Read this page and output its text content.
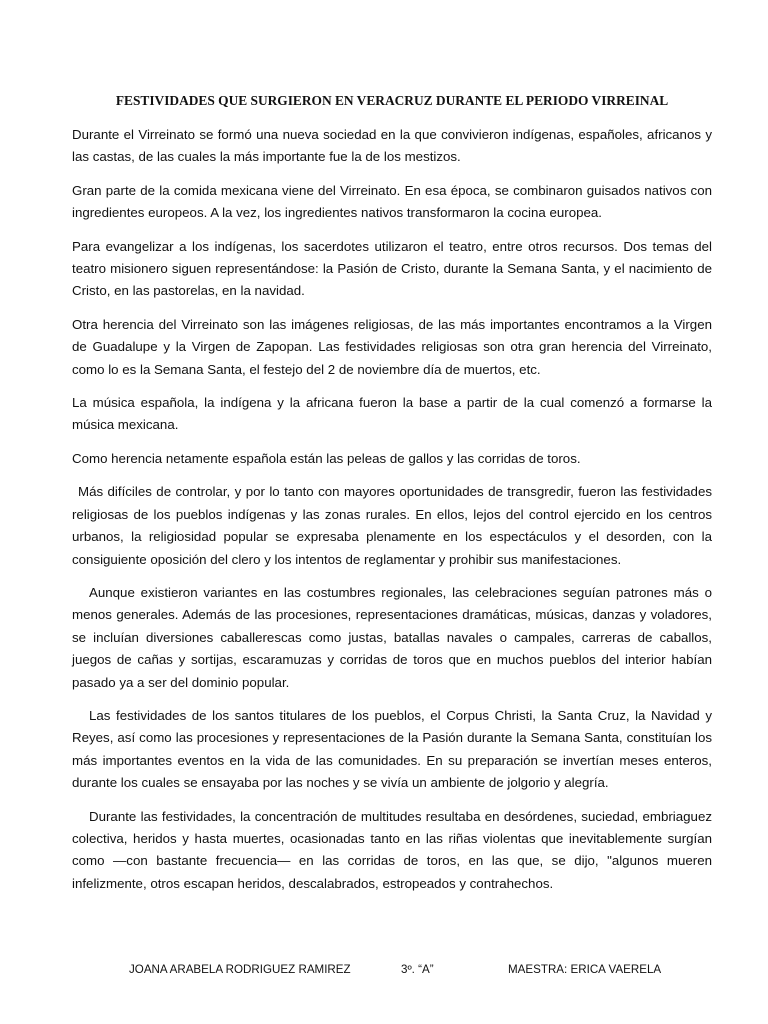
FESTIVIDADES QUE SURGIERON EN VERACRUZ DURANTE EL PERIODO VIRREINAL

Durante el Virreinato se formó una nueva sociedad en la que convivieron indígenas, españoles, africanos y las castas, de las cuales la más importante fue la de los mestizos.

Gran parte de la comida mexicana viene del Virreinato. En esa época, se combinaron guisados nativos con ingredientes europeos. A la vez, los ingredientes nativos transformaron la cocina europea.

Para evangelizar a los indígenas, los sacerdotes utilizaron el teatro, entre otros recursos. Dos temas del teatro misionero siguen representándose: la Pasión de Cristo, durante la Semana Santa, y el nacimiento de Cristo, en las pastorelas, en la navidad.

Otra herencia del Virreinato son las imágenes religiosas, de las más importantes encontramos a la Virgen de Guadalupe y la Virgen de Zapopan. Las festividades religiosas son otra gran herencia del Virreinato, como lo es la Semana Santa, el festejo del 2 de noviembre día de muertos, etc.

La música española, la indígena y la africana fueron la base a partir de la cual comenzó a formarse la música mexicana.

Como herencia netamente española están las peleas de gallos y las corridas de toros.

Más difíciles de controlar, y por lo tanto con mayores oportunidades de transgredir, fueron las festividades religiosas de los pueblos indígenas y las zonas rurales. En ellos, lejos del control ejercido en los centros urbanos, la religiosidad popular se expresaba plenamente en los espectáculos y el desorden, con la consiguiente oposición del clero y los intentos de reglamentar y prohibir sus manifestaciones.

Aunque existieron variantes en las costumbres regionales, las celebraciones seguían patrones más o menos generales. Además de las procesiones, representaciones dramáticas, músicas, danzas y voladores, se incluían diversiones caballerescas como justas, batallas navales o campales, carreras de caballos, juegos de cañas y sortijas, escaramuzas y corridas de toros que en muchos pueblos del interior habían pasado ya a ser del dominio popular.

Las festividades de los santos titulares de los pueblos, el Corpus Christi, la Santa Cruz, la Navidad y Reyes, así como las procesiones y representaciones de la Pasión durante la Semana Santa, constituían los más importantes eventos en la vida de las comunidades. En su preparación se invertían meses enteros, durante los cuales se ensayaba por las noches y se vivía un ambiente de jolgorio y alegría.

Durante las festividades, la concentración de multitudes resultaba en desórdenes, suciedad, embriaguez colectiva, heridos y hasta muertes, ocasionadas tanto en las riñas violentas que inevitablemente surgían como —con bastante frecuencia— en las corridas de toros, en las que, se dijo, "algunos mueren infelizmente, otros escapan heridos, descalabrados, estropeados y contrahechos.

JOANA ARABELA RODRIGUEZ RAMIREZ	3º. “A”	MAESTRA: ERICA VAERELA
